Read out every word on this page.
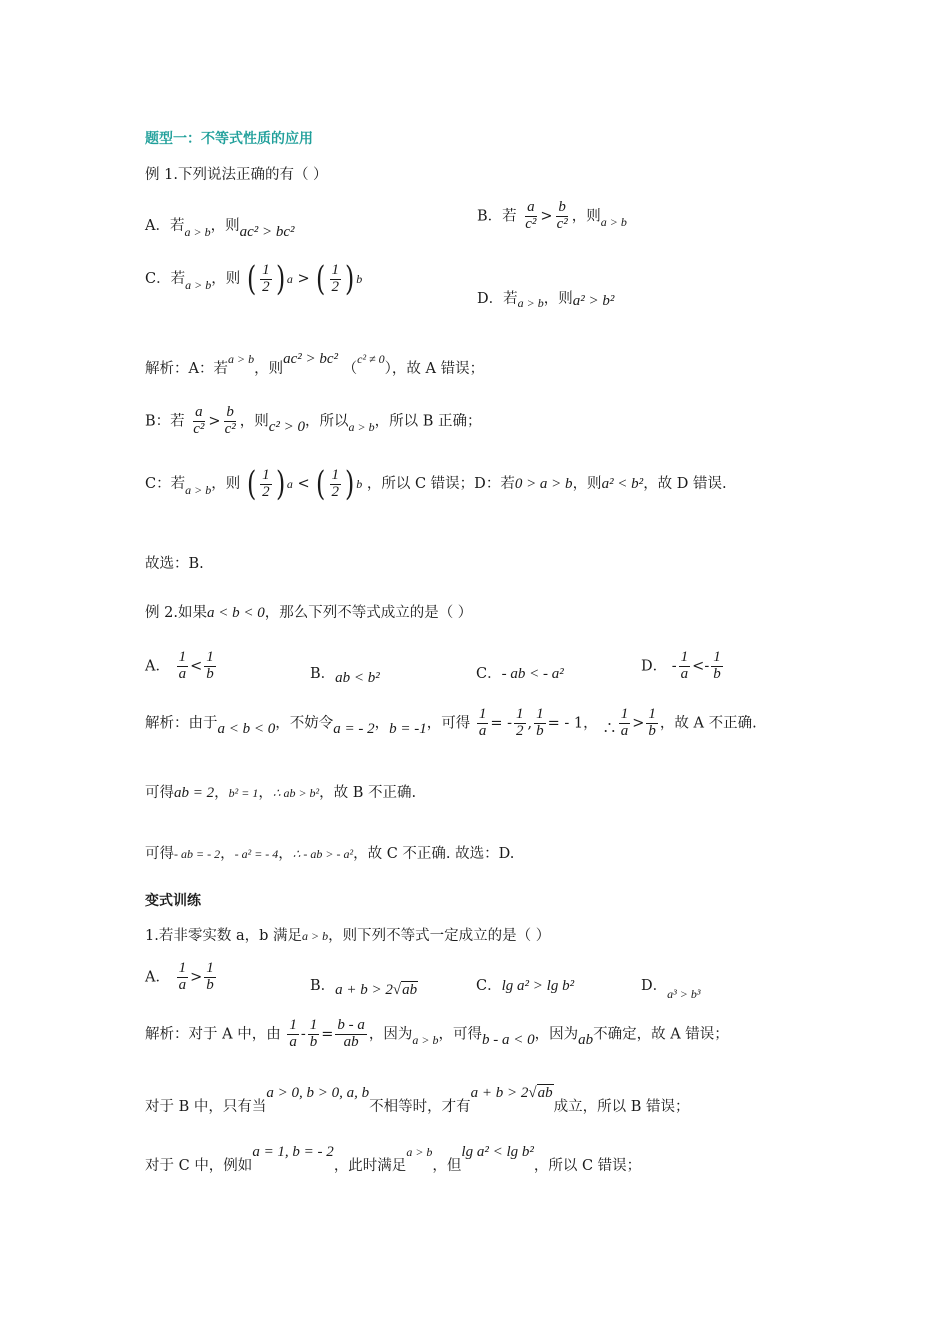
题型一：不等式性质的应用
例 1.下列说法正确的有（ ）
A．若$_{a > b}$，则ac² > bc²
B．若 $\frac{a}{\text{c²}} > \frac{b}{\text{c²}}$ ，则$_{a > b}$
C．若$_{a > b}$，则 ( $\frac{1}{2}$ ) a > ( $\frac{1}{2}$ ) b
D．若$_{a > b}$，则a² > b²
解析：A：若a > b，则ac² > bc² （c² ≠ 0），故 A 错误；
B：若 $\frac{a}{\text{c²}} > \frac{b}{\text{c²}}$ ，则c² > 0，所以$_{a > b}$，所以 B 正确；
C：若$_{a > b}$，则 ( $\frac{1}{2}$ ) a < ( $\frac{1}{2}$ ) b ，所以 C 错误；D：若0 > a > b，则a² < b²，故 D 错误.
故选：B.
例 2.如果a < b < 0，那么下列不等式成立的是（ ）
A． $\frac{1}{a} < \frac{1}{b}$	B．ab < b²	C．- ab < - a²	D． - $\frac{1}{a} <- \frac{1}{b}$
解析：由于a < b < 0，不妨令a = - 2，b = -1，可得 $\frac{1}{a}$ = - $\frac{1}{2}$ , $\frac{1}{b}$ = - 1， ∴ $\frac{1}{a} > \frac{1}{b}$ ，故 A 不正确.
可得ab = 2，b² = 1，∴ ab > b²，故 B 不正确.
可得- ab = - 2，- a² = - 4，∴ - ab > - a²，故 C 不正确. 故选：D.
变式训练
1.若非零实数 a，b 满足a > b，则下列不等式一定成立的是（ ）
A． $\frac{1}{a} > \frac{1}{b}$	B．a + b > 2√ab	C．lg a² > lg b²	D．$_{a^3 > b^3}$
解析：对于 A 中，由 $\frac{1}{a} - \frac{1}{b} = \frac{b - a}{ab}$ ，因为$_{a > b}$，可得b - a < 0，因为ab不确定，故 A 错误；
对于 B 中，只有当a > 0, b > 0, a, b不相等时，才有a + b > 2√ab成立，所以 B 错误；
对于 C 中，例如a = 1, b = - 2，此时满足a > b，但lg a² < lg b²，所以 C 错误；
